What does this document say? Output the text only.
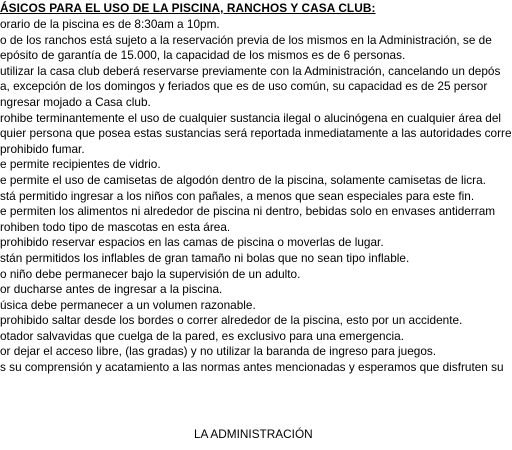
ÁSICOS PARA EL USO DE LA PISCINA, RANCHOS Y CASA CLUB:
orario de la piscina es de 8:30am a 10pm.
o de los ranchos está sujeto a la reservación previa de los mismos en la Administración, se de
epósito de garantía de 15.000, la capacidad de los mismos es de 6 personas.
utilizar la casa club deberá reservarse previamente con la Administración, cancelando un depós
a, excepción de los domingos y feriados que es de uso común, su capacidad es de 25 persor
ngresar mojado a Casa club.
rohibe terminantemente el uso de cualquier sustancia ilegal o alucinógena en cualquier área del
quier persona que posea estas sustancias será reportada inmediatamente a las autoridades corre
prohibido fumar.
e permite recipientes de vidrio.
e permite el uso de camisetas de algodón dentro de la piscina, solamente camisetas de licra.
stá permitido ingresar a los niños con pañales, a menos que sean especiales para este fin.
e permiten los alimentos ni alrededor de piscina ni dentro, bebidas solo en envases antiderram
rohiben todo tipo de mascotas en esta área.
prohibido reservar espacios en las camas de piscina o moverlas de lugar.
stán permitidos los inflables de gran tamaño ni bolas que no sean tipo inflable.
o niño debe permanecer bajo la supervisión de un adulto.
or ducharse antes de ingresar a la piscina.
úsica debe permanecer a un volumen razonable.
prohibido saltar desde los bordes o correr alrededor de la piscina, esto por un accidente.
otador salvavidas que cuelga de la pared, es exclusivo para una emergencia.
or dejar el acceso libre, (las gradas) y no utilizar la baranda de ingreso para juegos.
s su comprensión y acatamiento a las normas antes mencionadas y esperamos que disfruten su
LA ADMINISTRACIÓN
